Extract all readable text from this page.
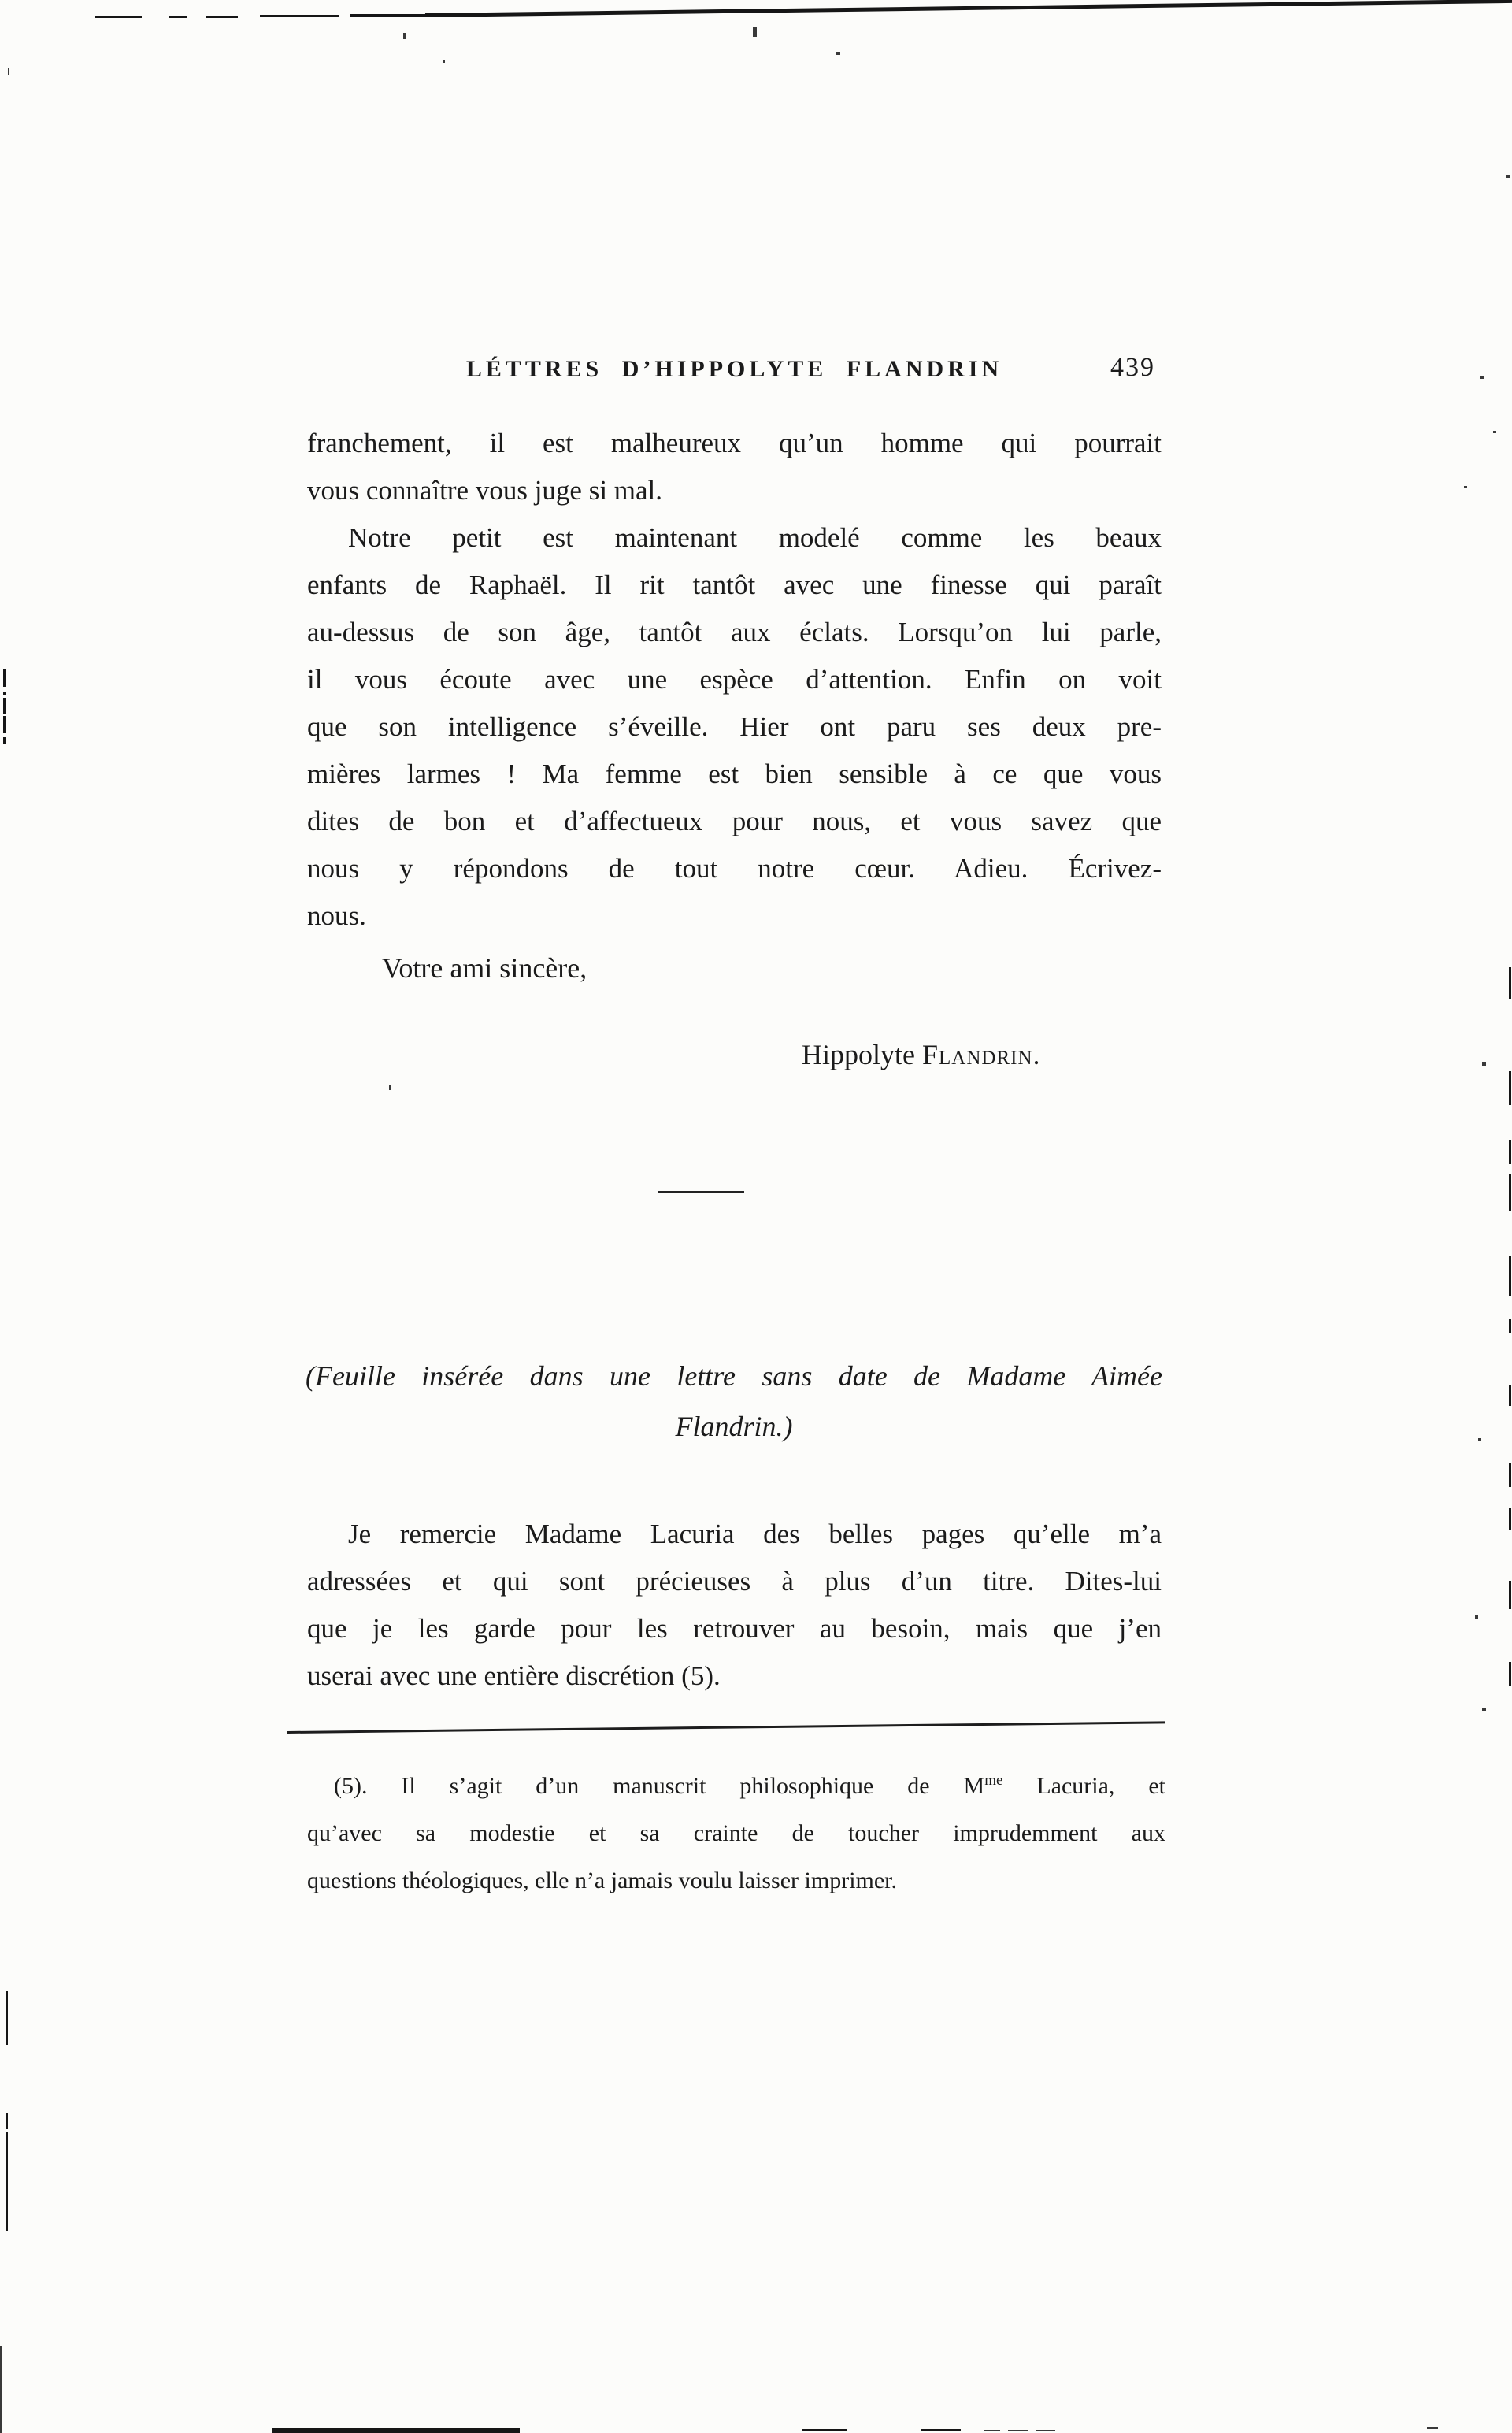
LÉTTRES D’HIPPOLYTE FLANDRIN	439
franchement, il est malheureux qu’un homme qui pourrait
vous connaître vous juge si mal.
Notre petit est maintenant modelé comme les beaux
enfants de Raphaël. Il rit tantôt avec une finesse qui paraît
au-dessus de son âge, tantôt aux éclats. Lorsqu’on lui parle,
il vous écoute avec une espèce d’attention. Enfin on voit
que son intelligence s’éveille. Hier ont paru ses deux pre-
mières larmes ! Ma femme est bien sensible à ce que vous
dites de bon et d’affectueux pour nous, et vous savez que
nous y répondons de tout notre cœur. Adieu. Écrivez-
nous.
Votre ami sincère,
Hippolyte Flandrin.
(Feuille insérée dans une lettre sans date de Madame Aimée
Flandrin.)
Je remercie Madame Lacuria des belles pages qu’elle m’a
adressées et qui sont précieuses à plus d’un titre. Dites-lui
que je les garde pour les retrouver au besoin, mais que j’en
userai avec une entière discrétion (5).
(5). Il s’agit d’un manuscrit philosophique de M$^{me}$ Lacuria, et
qu’avec sa modestie et sa crainte de toucher imprudemment aux
questions théologiques, elle n’a jamais voulu laisser imprimer.
